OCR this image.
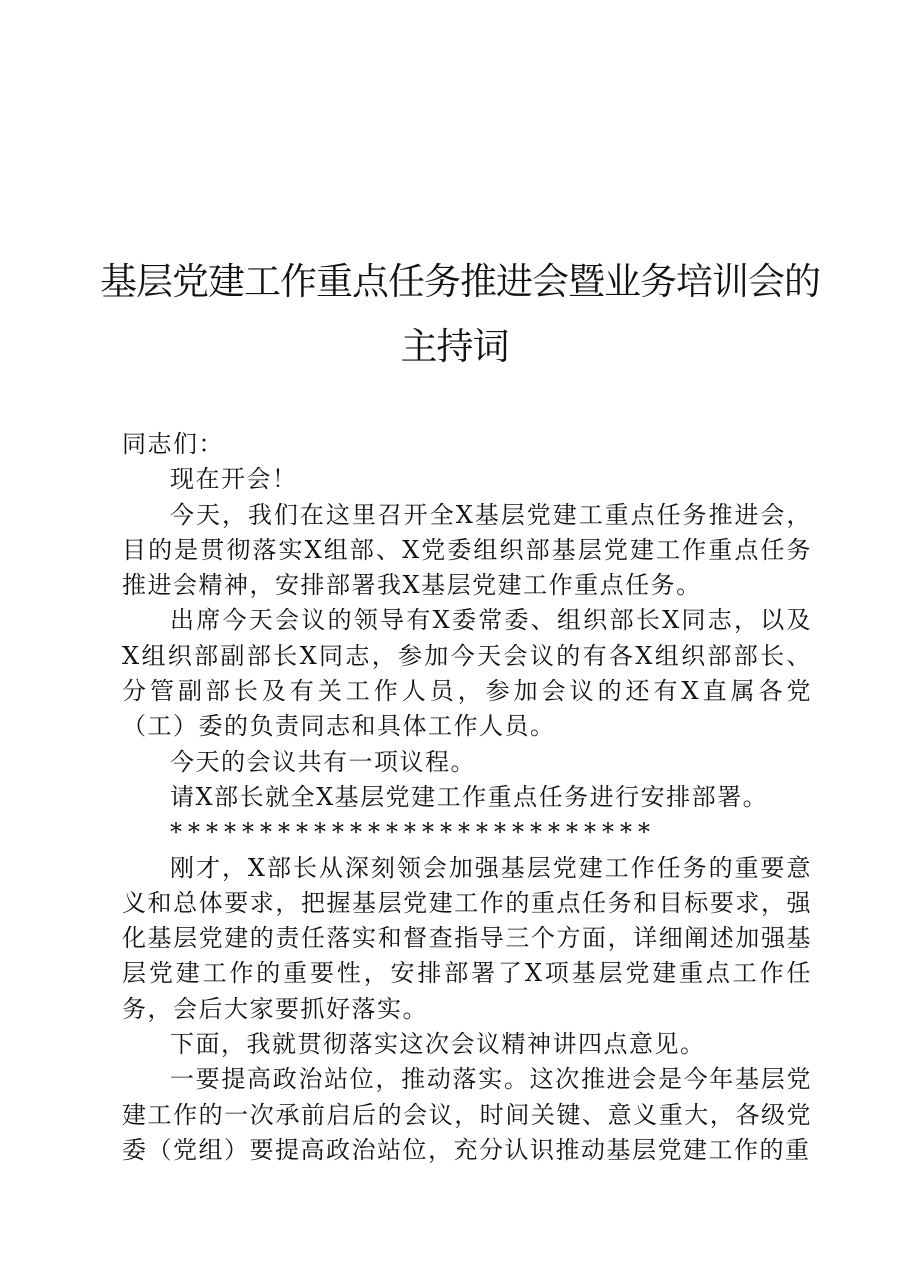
基层党建工作重点任务推进会暨业务培训会的
主持词

同志们：

现在开会！

今天，我们在这里召开全X基层党建工重点任务推进会，目的是贯彻落实X组部、X党委组织部基层党建工作重点任务推进会精神，安排部署我X基层党建工作重点任务。

出席今天会议的领导有X委常委、组织部长X同志，以及X组织部副部长X同志，参加今天会议的有各X组织部部长、分管副部长及有关工作人员，参加会议的还有X直属各党（工）委的负责同志和具体工作人员。

今天的会议共有一项议程。

请X部长就全X基层党建工作重点任务进行安排部署。

***************************

刚才，X部长从深刻领会加强基层党建工作任务的重要意义和总体要求，把握基层党建工作的重点任务和目标要求，强化基层党建的责任落实和督查指导三个方面，详细阐述加强基层党建工作的重要性，安排部署了X项基层党建重点工作任务，会后大家要抓好落实。

下面，我就贯彻落实这次会议精神讲四点意见。

一要提高政治站位，推动落实。这次推进会是今年基层党建工作的一次承前启后的会议，时间关键、意义重大，各级党委（党组）要提高政治站位，充分认识推动基层党建工作的重
